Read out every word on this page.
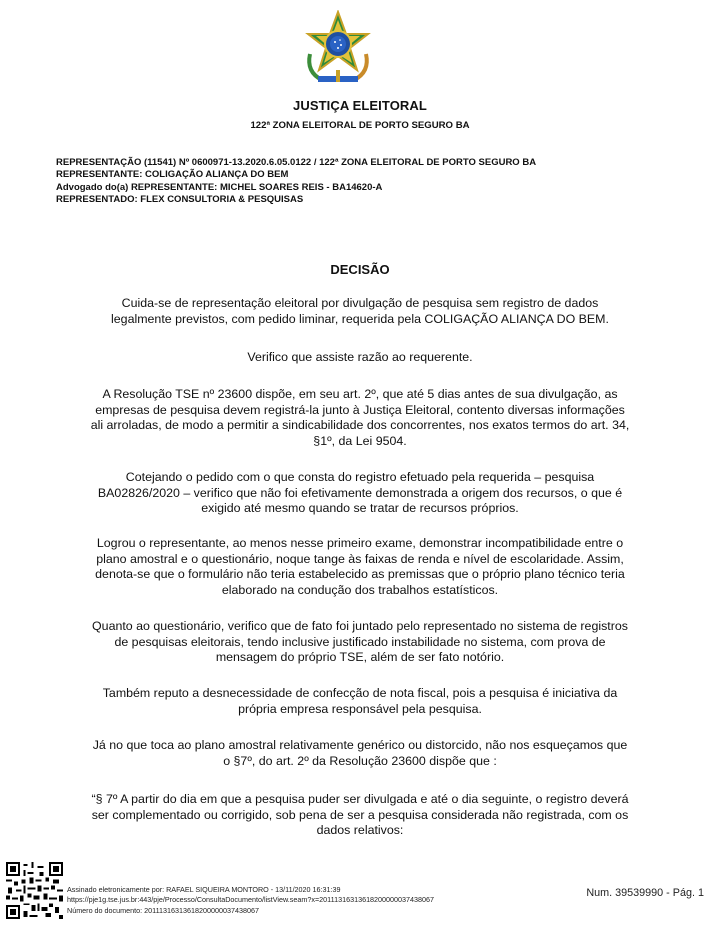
JUSTIÇA ELEITORAL
122ª ZONA ELEITORAL DE PORTO SEGURO BA
REPRESENTAÇÃO (11541) Nº 0600971-13.2020.6.05.0122 / 122ª ZONA ELEITORAL DE PORTO SEGURO BA
REPRESENTANTE: COLIGAÇÃO ALIANÇA DO BEM
Advogado do(a) REPRESENTANTE: MICHEL SOARES REIS - BA14620-A
REPRESENTADO: FLEX CONSULTORIA & PESQUISAS
DECISÃO
Cuida-se de representação eleitoral por divulgação de pesquisa sem registro de dados
legalmente previstos, com pedido liminar, requerida pela COLIGAÇÃO ALIANÇA DO BEM.
Verifico que assiste razão ao requerente.
A Resolução TSE nº 23600 dispõe, em seu art. 2º, que até 5 dias antes de sua divulgação, as
empresas de pesquisa devem registrá-la junto à Justiça Eleitoral, contento diversas informações
ali arroladas, de modo a permitir a sindicabilidade dos concorrentes, nos exatos termos do art. 34,
§1º, da Lei 9504.
Cotejando o pedido com o que consta do registro efetuado pela requerida – pesquisa
BA02826/2020 – verifico que não foi efetivamente demonstrada a origem dos recursos, o que é
exigido até mesmo quando se tratar de recursos próprios.
Logrou o representante, ao menos nesse primeiro exame, demonstrar incompatibilidade entre o
plano amostral e o questionário, noque tange às faixas de renda e nível de escolaridade. Assim,
denota-se que o formulário não teria estabelecido as premissas que o próprio plano técnico teria
elaborado na condução dos trabalhos estatísticos.
Quanto ao questionário, verifico que de fato foi juntado pelo representado no sistema de registros
de pesquisas eleitorais, tendo inclusive justificado instabilidade no sistema, com prova de
mensagem do próprio TSE, além de ser fato notório.
Também reputo a desnecessidade de confecção de nota fiscal, pois a pesquisa é iniciativa da
própria empresa responsável pela pesquisa.
Já no que toca ao plano amostral relativamente genérico ou distorcido, não nos esqueçamos que
o §7º, do art. 2º da Resolução 23600 dispõe que :
“§ 7º A partir do dia em que a pesquisa puder ser divulgada e até o dia seguinte, o registro deverá
ser complementado ou corrigido, sob pena de ser a pesquisa considerada não registrada, com os
dados relativos:
Assinado eletronicamente por: RAFAEL SIQUEIRA MONTORO - 13/11/2020 16:31:39
https://pje1g.tse.jus.br:443/pje/Processo/ConsultaDocumento/listView.seam?x=20111316313618200000037438067
Número do documento: 20111316313618200000037438067
Num. 39539990 - Pág. 1
